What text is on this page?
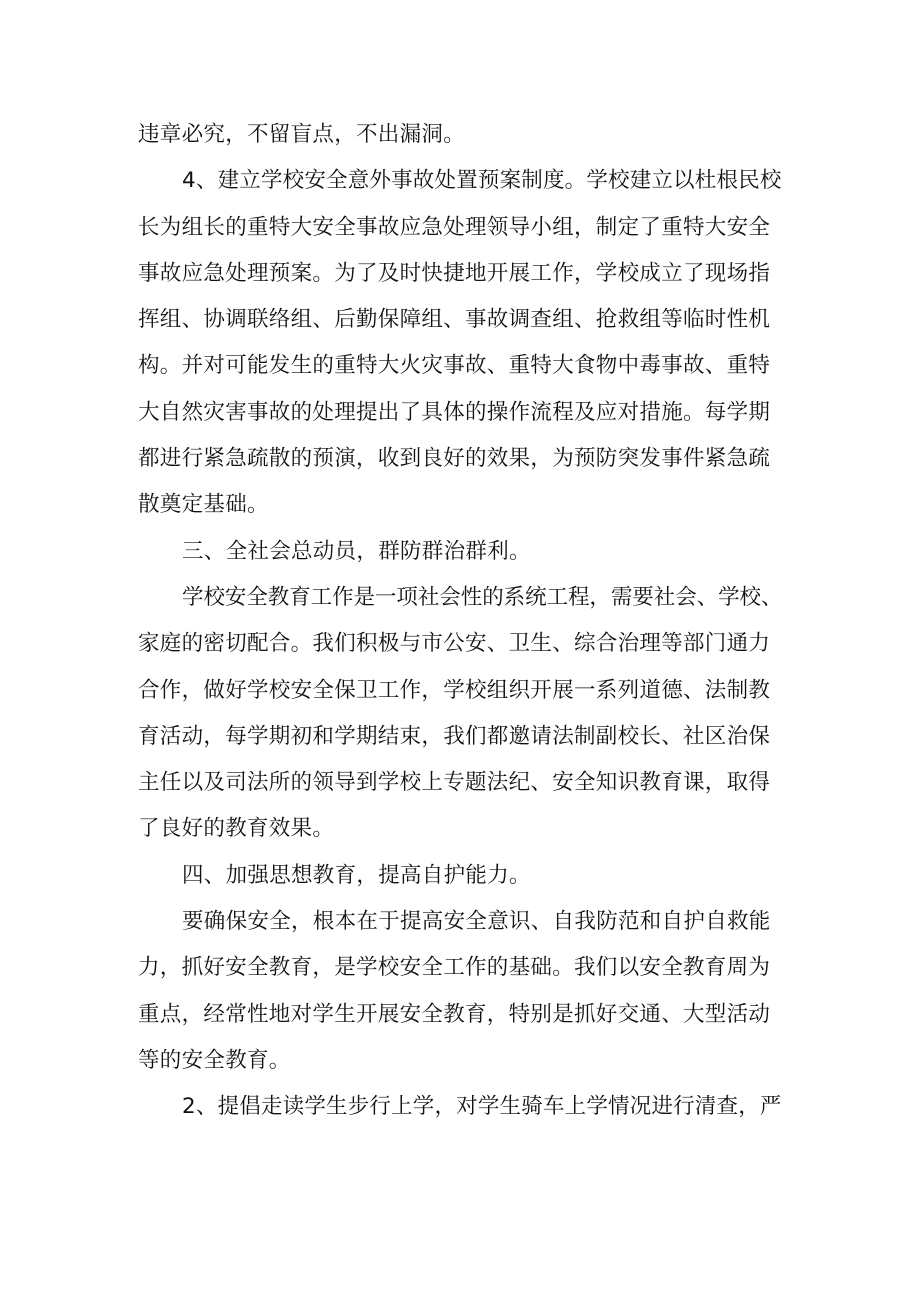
违章必究，不留盲点，不出漏洞。
4、建立学校安全意外事故处置预案制度。学校建立以杜根民校
长为组长的重特大安全事故应急处理领导小组，制定了重特大安全
事故应急处理预案。为了及时快捷地开展工作，学校成立了现场指
挥组、协调联络组、后勤保障组、事故调查组、抢救组等临时性机
构。并对可能发生的重特大火灾事故、重特大食物中毒事故、重特
大自然灾害事故的处理提出了具体的操作流程及应对措施。每学期
都进行紧急疏散的预演，收到良好的效果，为预防突发事件紧急疏
散奠定基础。
三、全社会总动员，群防群治群利。
学校安全教育工作是一项社会性的系统工程，需要社会、学校、
家庭的密切配合。我们积极与市公安、卫生、综合治理等部门通力
合作，做好学校安全保卫工作，学校组织开展一系列道德、法制教
育活动，每学期初和学期结束，我们都邀请法制副校长、社区治保
主任以及司法所的领导到学校上专题法纪、安全知识教育课，取得
了良好的教育效果。
四、加强思想教育，提高自护能力。
要确保安全，根本在于提高安全意识、自我防范和自护自救能
力，抓好安全教育，是学校安全工作的基础。我们以安全教育周为
重点，经常性地对学生开展安全教育，特别是抓好交通、大型活动
等的安全教育。
2、提倡走读学生步行上学，对学生骑车上学情况进行清查，严
